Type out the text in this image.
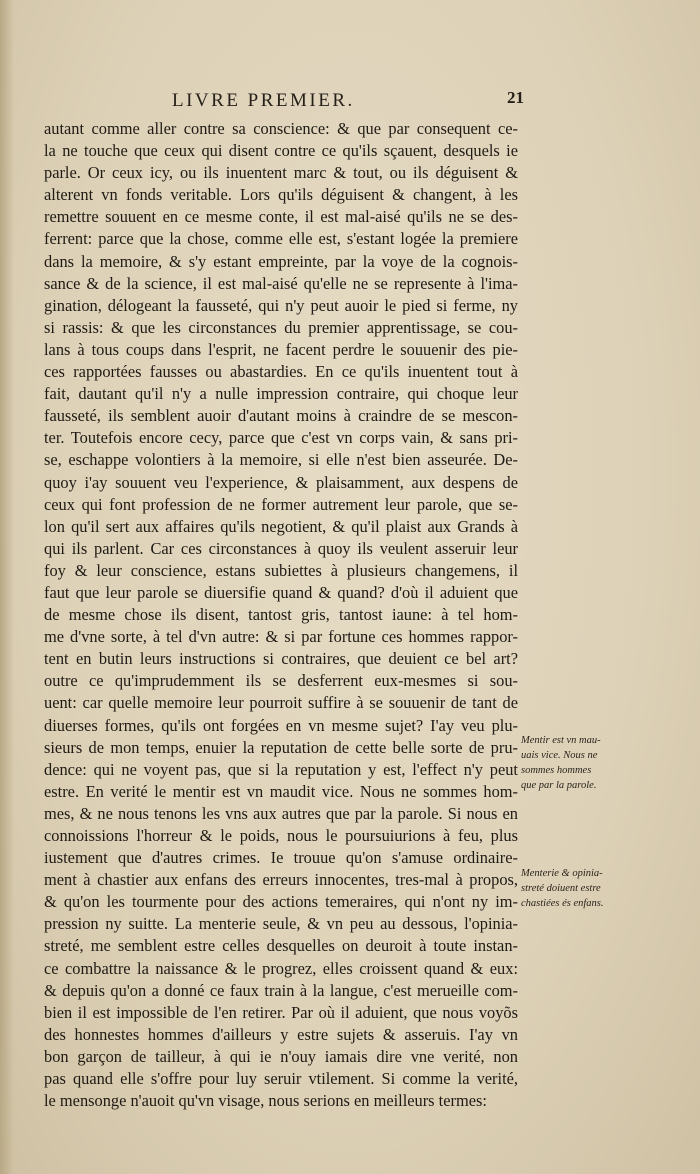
LIVRE PREMIER.	21
autant comme aller contre sa conscience: & que par consequent ce-
la ne touche que ceux qui disent contre ce qu'ils sçauent, desquels ie
parle. Or ceux icy, ou ils inuentent marc & tout, ou ils déguisent &
alterent vn fonds veritable. Lors qu'ils déguisent & changent, à les
remettre souuent en ce mesme conte, il est mal-aisé qu'ils ne se des-
ferrent: parce que la chose, comme elle est, s'estant logée la premiere
dans la memoire, & s'y estant empreinte, par la voye de la cognois-
sance & de la science, il est mal-aisé qu'elle ne se represente à l'ima-
gination, délogeant la fausseté, qui n'y peut auoir le pied si ferme, ny
si rassis: & que les circonstances du premier apprentissage, se cou-
lans à tous coups dans l'esprit, ne facent perdre le souuenir des pie-
ces rapportées fausses ou abastardies. En ce qu'ils inuentent tout à
fait, dautant qu'il n'y a nulle impression contraire, qui choque leur
fausseté, ils semblent auoir d'autant moins à craindre de se mescon-
ter. Toutefois encore cecy, parce que c'est vn corps vain, & sans pri-
se, eschappe volontiers à la memoire, si elle n'est bien asseurée. De-
quoy i'ay souuent veu l'experience, & plaisamment, aux despens de
ceux qui font profession de ne former autrement leur parole, que se-
lon qu'il sert aux affaires qu'ils negotient, & qu'il plaist aux Grands à
qui ils parlent. Car ces circonstances à quoy ils veulent asseruir leur
foy & leur conscience, estans subiettes à plusieurs changemens, il
faut que leur parole se diuersifie quand & quand? d'où il aduient que
de mesme chose ils disent, tantost gris, tantost iaune: à tel hom-
me d'vne sorte, à tel d'vn autre: & si par fortune ces hommes rappor-
tent en butin leurs instructions si contraires, que deuient ce bel art?
outre ce qu'imprudemment ils se desferrent eux-mesmes si sou-
uent: car quelle memoire leur pourroit suffire à se souuenir de tant de
diuerses formes, qu'ils ont forgées en vn mesme sujet? I'ay veu plu-
sieurs de mon temps, enuier la reputation de cette belle sorte de pru-
dence: qui ne voyent pas, que si la reputation y est, l'effect n'y peut
estre. En verité le mentir est vn maudit vice. Nous ne sommes hom-
mes, & ne nous tenons les vns aux autres que par la parole. Si nous en
connoissions l'horreur & le poids, nous le poursuiurions à feu, plus
iustement que d'autres crimes. Ie trouue qu'on s'amuse ordinaire-
ment à chastier aux enfans des erreurs innocentes, tres-mal à propos,
& qu'on les tourmente pour des actions temeraires, qui n'ont ny im-
pression ny suitte. La menterie seule, & vn peu au dessous, l'opinia-
streté, me semblent estre celles desquelles on deuroit à toute instan-
ce combattre la naissance & le progrez, elles croissent quand & eux:
& depuis qu'on a donné ce faux train à la langue, c'est merueille com-
bien il est impossible de l'en retirer. Par où il aduient, que nous voyõs
des honnestes hommes d'ailleurs y estre sujets & asseruis. I'ay vn
bon garçon de tailleur, à qui ie n'ouy iamais dire vne verité, non
pas quand elle s'offre pour luy seruir vtilement. Si comme la verité,
le mensonge n'auoit qu'vn visage, nous serions en meilleurs termes:
Mentir est vn mau-
uais vice. Nous ne
sommes hommes
que par la parole.
Menterie & opinia-
streté doiuent estre
chastiées és enfans.
